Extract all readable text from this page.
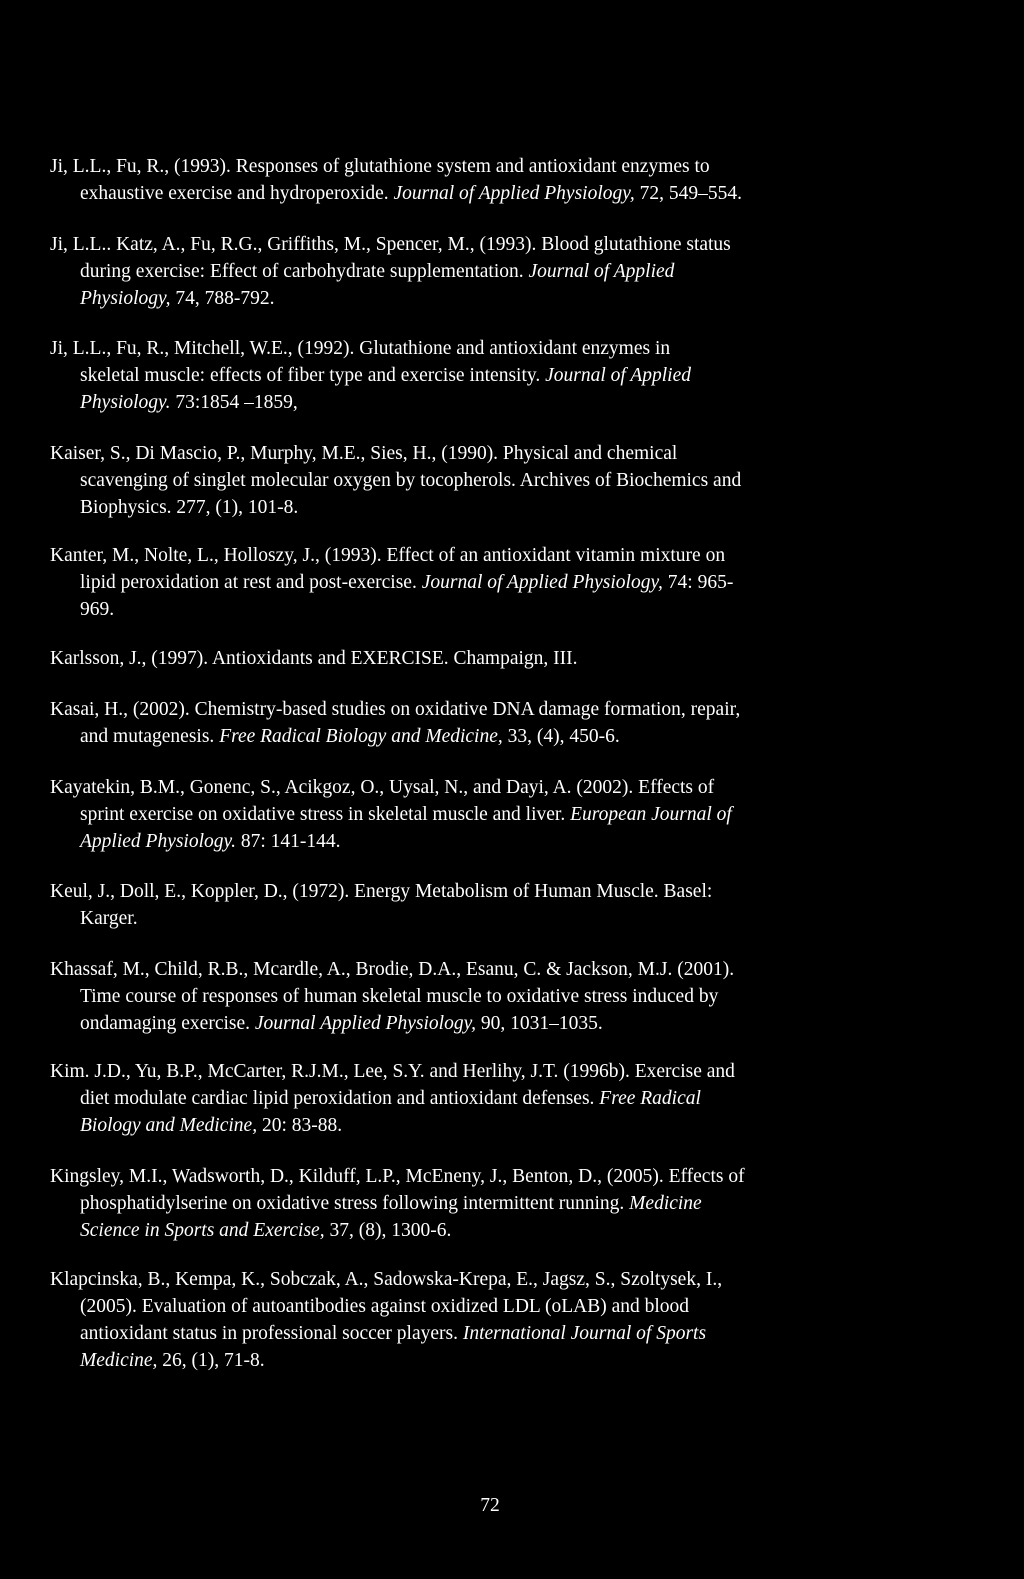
Ji, L.L., Fu, R., (1993). Responses of glutathione system and antioxidant enzymes to
exhaustive exercise and hydroperoxide. Journal of Applied Physiology, 72, 549–554.
Ji, L.L.. Katz, A., Fu, R.G., Griffiths, M., Spencer, M., (1993). Blood glutathione status
during exercise: Effect of carbohydrate supplementation. Journal of Applied
Physiology, 74, 788-792.
Ji, L.L., Fu, R., Mitchell, W.E., (1992). Glutathione and antioxidant enzymes in
skeletal muscle: effects of fiber type and exercise intensity. Journal of Applied
Physiology. 73:1854 –1859,
Kaiser, S., Di Mascio, P., Murphy, M.E., Sies, H., (1990). Physical and chemical
scavenging of singlet molecular oxygen by tocopherols. Archives of Biochemics and
Biophysics. 277, (1), 101-8.
Kanter, M., Nolte, L., Holloszy, J., (1993). Effect of an antioxidant vitamin mixture on
lipid peroxidation at rest and post-exercise. Journal of Applied Physiology, 74: 965-
969.
Karlsson, J., (1997). Antioxidants and EXERCISE. Champaign, III.
Kasai, H., (2002). Chemistry-based studies on oxidative DNA damage formation, repair,
and mutagenesis. Free Radical Biology and Medicine, 33, (4), 450-6.
Kayatekin, B.M., Gonenc, S., Acikgoz, O., Uysal, N., and Dayi, A. (2002). Effects of
sprint exercise on oxidative stress in skeletal muscle and liver. European Journal of
Applied Physiology. 87: 141-144.
Keul, J., Doll, E., Koppler, D., (1972). Energy Metabolism of Human Muscle. Basel:
Karger.
Khassaf, M., Child, R.B., Mcardle, A., Brodie, D.A., Esanu, C. & Jackson, M.J. (2001).
Time course of responses of human skeletal muscle to oxidative stress induced by
ondamaging exercise. Journal Applied Physiology, 90, 1031–1035.
Kim. J.D., Yu, B.P., McCarter, R.J.M., Lee, S.Y. and Herlihy, J.T. (1996b). Exercise and
diet modulate cardiac lipid peroxidation and antioxidant defenses. Free Radical
Biology and Medicine, 20: 83-88.
Kingsley, M.I., Wadsworth, D., Kilduff, L.P., McEneny, J., Benton, D., (2005). Effects of
phosphatidylserine on oxidative stress following intermittent running. Medicine
Science in Sports and Exercise, 37, (8), 1300-6.
Klapcinska, B., Kempa, K., Sobczak, A., Sadowska-Krepa, E., Jagsz, S., Szoltysek, I.,
(2005). Evaluation of autoantibodies against oxidized LDL (oLAB) and blood
antioxidant status in professional soccer players. International Journal of Sports
Medicine, 26, (1), 71-8.
72
